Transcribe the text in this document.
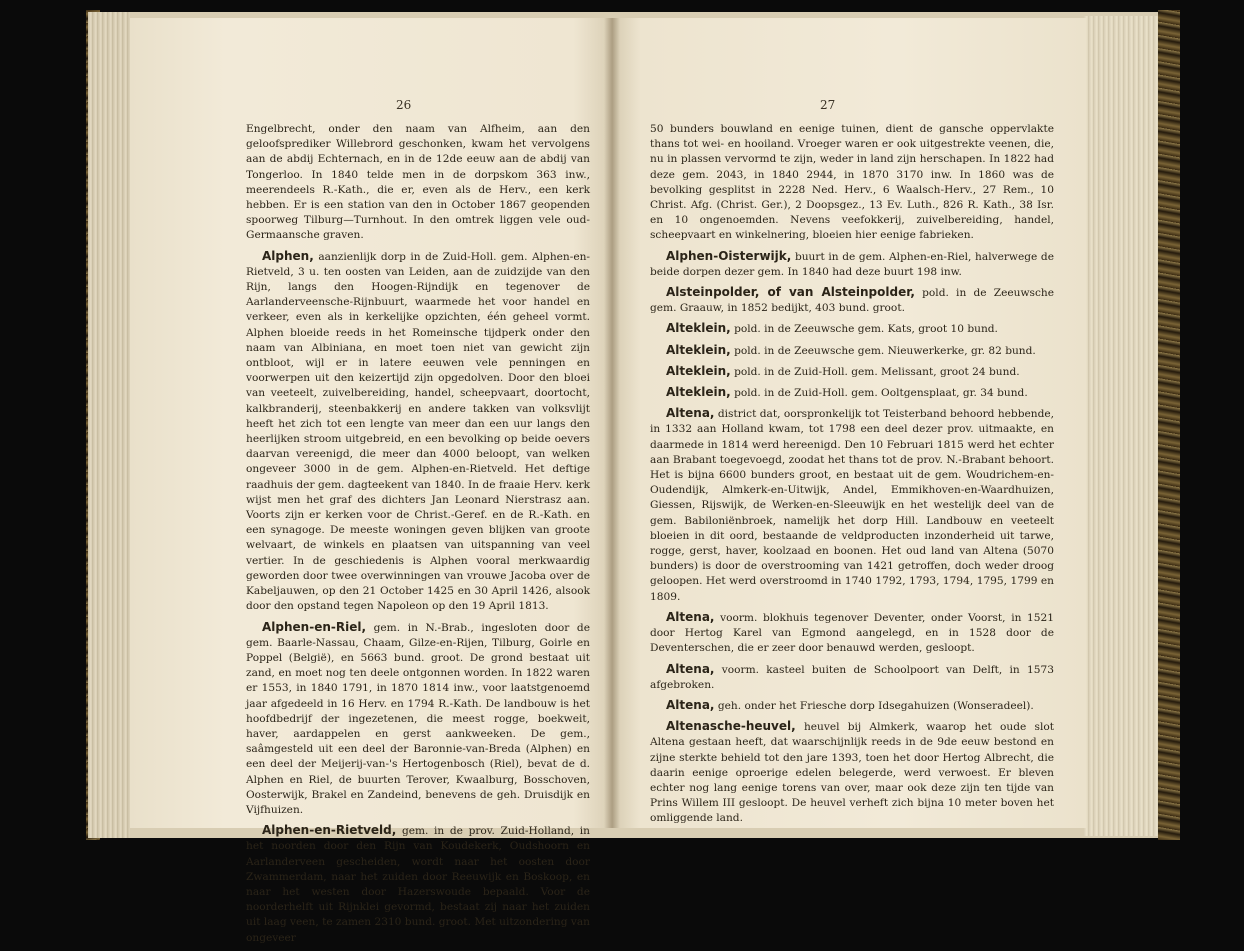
26

Engelbrecht, onder den naam van Alfheim, aan den geloofsprediker Willebrord geschonken, kwam het vervolgens aan de abdij Echternach, en in de 12de eeuw aan de abdij van Tongerloo. In 1840 telde men in de dorpskom 363 inw., meerendeels R.-Kath., die er, even als de Herv., een kerk hebben. Er is een station van den in October 1867 geopenden spoorweg Tilburg—Turnhout. In den omtrek liggen vele oud-Germaansche graven.

Alphen, aanzienlijk dorp in de Zuid-Holl. gem. Alphen-en-Rietveld, 3 u. ten oosten van Leiden, aan de zuidzijde van den Rijn, langs den Hoogen-Rijndijk en tegenover de Aarlanderveensche-Rijnbuurt, waarmede het voor handel en verkeer, even als in kerkelijke opzichten, één geheel vormt. Alphen bloeide reeds in het Romeinsche tijdperk onder den naam van Albiniana, en moet toen niet van gewicht zijn ontbloot, wijl er in latere eeuwen vele penningen en voorwerpen uit den keizertijd zijn opgedolven. Door den bloei van veeteelt, zuivelbereiding, handel, scheepvaart, doortocht, kalkbranderij, steenbakkerij en andere takken van volksvlijt heeft het zich tot een lengte van meer dan een uur langs den heerlijken stroom uitgebreid, en een bevolking op beide oevers daarvan vereenigd, die meer dan 4000 beloopt, van welken ongeveer 3000 in de gem. Alphen-en-Rietveld. Het deftige raadhuis der gem. dagteekent van 1840. In de fraaie Herv. kerk wijst men het graf des dichters Jan Leonard Nierstrasz aan. Voorts zijn er kerken voor de Christ.-Geref. en de R.-Kath. en een synagoge. De meeste woningen geven blijken van groote welvaart, de winkels en plaatsen van uitspanning van veel vertier. In de geschiedenis is Alphen vooral merkwaardig geworden door twee overwinningen van vrouwe Jacoba over de Kabeljauwen, op den 21 October 1425 en 30 April 1426, alsook door den opstand tegen Napoleon op den 19 April 1813.

Alphen-en-Riel, gem. in N.-Brab., ingesloten door de gem. Baarle-Nassau, Chaam, Gilze-en-Rijen, Tilburg, Goirle en Poppel (België), en 5663 bund. groot. De grond bestaat uit zand, en moet nog ten deele ontgonnen worden. In 1822 waren er 1553, in 1840 1791, in 1870 1814 inw., voor laatstgenoemd jaar afgedeeld in 16 Herv. en 1794 R.-Kath. De landbouw is het hoofdbedrijf der ingezetenen, die meest rogge, boekweit, haver, aardappelen en gerst aankweeken. De gem., saâmgesteld uit een deel der Baronnie-van-Breda (Alphen) en een deel der Meijerij-van-'s Hertogenbosch (Riel), bevat de d. Alphen en Riel, de buurten Terover, Kwaalburg, Bosschoven, Oosterwijk, Brakel en Zandeind, benevens de geh. Druisdijk en Vijfhuizen.

Alphen-en-Rietveld, gem. in de prov. Zuid-Holland, in het noorden door den Rijn van Koudekerk, Oudshoorn en Aarlanderveen gescheiden, wordt naar het oosten door Zwammerdam, naar het zuiden door Reeuwijk en Boskoop, en naar het westen door Hazerswoude bepaald. Voor de noorderhelft uit Rijnklei gevormd, bestaat zij naar het zuiden uit laag veen, te zamen 2310 bund. groot. Met uitzondering van ongeveer

27

50 bunders bouwland en eenige tuinen, dient de gansche oppervlakte thans tot wei- en hooiland. Vroeger waren er ook uitgestrekte veenen, die, nu in plassen vervormd te zijn, weder in land zijn herschapen. In 1822 had deze gem. 2043, in 1840 2944, in 1870 3170 inw. In 1860 was de bevolking gesplitst in 2228 Ned. Herv., 6 Waalsch-Herv., 27 Rem., 10 Christ. Afg. (Christ. Ger.), 2 Doopsgez., 13 Ev. Luth., 826 R. Kath., 38 Isr. en 10 ongenoemden. Nevens veefokkerij, zuivelbereiding, handel, scheepvaart en winkelnering, bloeien hier eenige fabrieken.

Alphen-Oisterwijk, buurt in de gem. Alphen-en-Riel, halverwege de beide dorpen dezer gem. In 1840 had deze buurt 198 inw.

Alsteinpolder, of van Alsteinpolder, pold. in de Zeeuwsche gem. Graauw, in 1852 bedijkt, 403 bund. groot.

Alteklein, pold. in de Zeeuwsche gem. Kats, groot 10 bund.

Alteklein, pold. in de Zeeuwsche gem. Nieuwerkerke, gr. 82 bund.

Alteklein, pold. in de Zuid-Holl. gem. Melissant, groot 24 bund.

Alteklein, pold. in de Zuid-Holl. gem. Ooltgensplaat, gr. 34 bund.

Altena, district dat, oorspronkelijk tot Teisterband behoord hebbende, in 1332 aan Holland kwam, tot 1798 een deel dezer prov. uitmaakte, en daarmede in 1814 werd hereenigd. Den 10 Februari 1815 werd het echter aan Brabant toegevoegd, zoodat het thans tot de prov. N.-Brabant behoort. Het is bijna 6600 bunders groot, en bestaat uit de gem. Woudrichem-en-Oudendijk, Almkerk-en-Uitwijk, Andel, Emmikhoven-en-Waardhuizen, Giessen, Rijswijk, de Werken-en-Sleeuwijk en het westelijk deel van de gem. Babiloniënbroek, namelijk het dorp Hill. Landbouw en veeteelt bloeien in dit oord, bestaande de veldproducten inzonderheid uit tarwe, rogge, gerst, haver, koolzaad en boonen. Het oud land van Altena (5070 bunders) is door de overstrooming van 1421 getroffen, doch weder droog geloopen. Het werd overstroomd in 1740 1792, 1793, 1794, 1795, 1799 en 1809.

Altena, voorm. blokhuis tegenover Deventer, onder Voorst, in 1521 door Hertog Karel van Egmond aangelegd, en in 1528 door de Deventerschen, die er zeer door benauwd werden, gesloopt.

Altena, voorm. kasteel buiten de Schoolpoort van Delft, in 1573 afgebroken.

Altena, geh. onder het Friesche dorp Idsegahuizen (Wonseradeel).

Altenasche-heuvel, heuvel bij Almkerk, waarop het oude slot Altena gestaan heeft, dat waarschijnlijk reeds in de 9de eeuw bestond en zijne sterkte behield tot den jare 1393, toen het door Hertog Albrecht, die daarin eenige oproerige edelen belegerde, werd verwoest. Er bleven echter nog lang eenige torens van over, maar ook deze zijn ten tijde van Prins Willem III gesloopt. De heuvel verheft zich bijna 10 meter boven het omliggende land.
